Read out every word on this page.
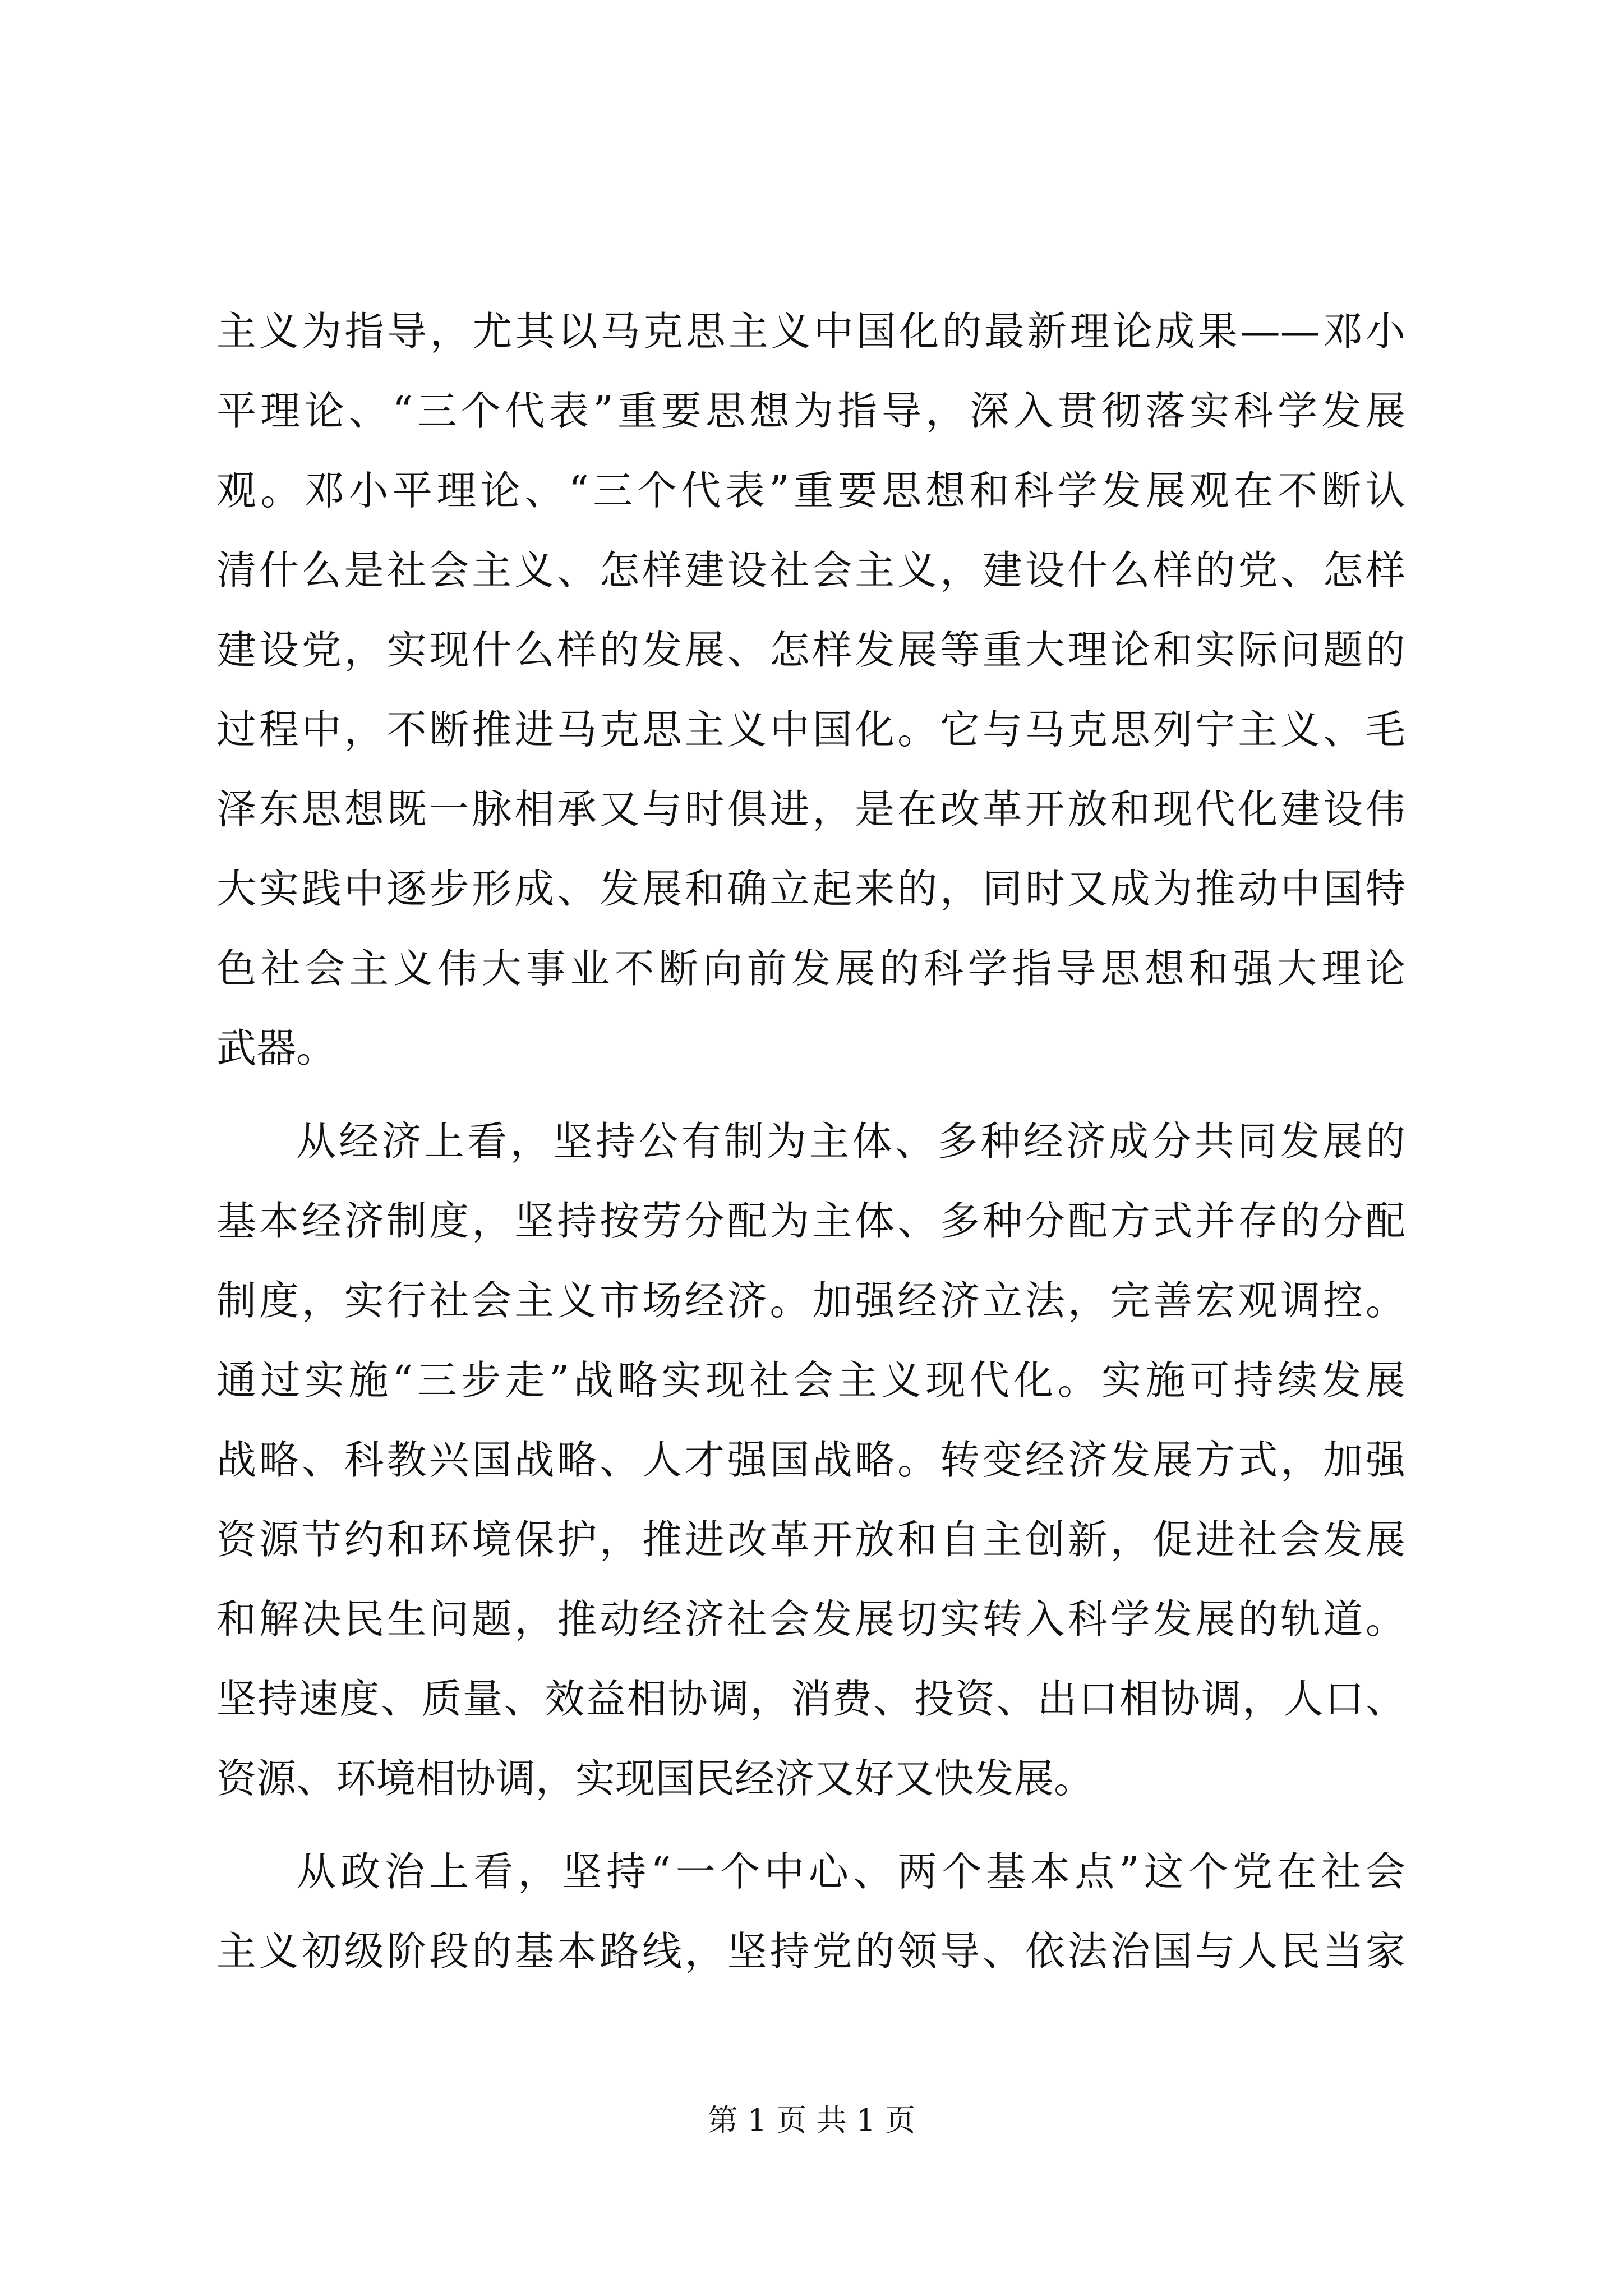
主义为指导，尤其以马克思主义中国化的最新理论成果——邓小
平理论、“三个代表”重要思想为指导，深入贯彻落实科学发展
观。邓小平理论、“三个代表”重要思想和科学发展观在不断认
清什么是社会主义、怎样建设社会主义，建设什么样的党、怎样
建设党，实现什么样的发展、怎样发展等重大理论和实际问题的
过程中，不断推进马克思主义中国化。它与马克思列宁主义、毛
泽东思想既一脉相承又与时俱进，是在改革开放和现代化建设伟
大实践中逐步形成、发展和确立起来的，同时又成为推动中国特
色社会主义伟大事业不断向前发展的科学指导思想和强大理论
武器。

从经济上看，坚持公有制为主体、多种经济成分共同发展的
基本经济制度，坚持按劳分配为主体、多种分配方式并存的分配
制度，实行社会主义市场经济。加强经济立法，完善宏观调控。
通过实施“三步走”战略实现社会主义现代化。实施可持续发展
战略、科教兴国战略、人才强国战略。转变经济发展方式，加强
资源节约和环境保护，推进改革开放和自主创新，促进社会发展
和解决民生问题，推动经济社会发展切实转入科学发展的轨道。
坚持速度、质量、效益相协调，消费、投资、出口相协调，人口、
资源、环境相协调，实现国民经济又好又快发展。

从政治上看，坚持“一个中心、两个基本点”这个党在社会
主义初级阶段的基本路线，坚持党的领导、依法治国与人民当家

第 1 页 共 1 页
